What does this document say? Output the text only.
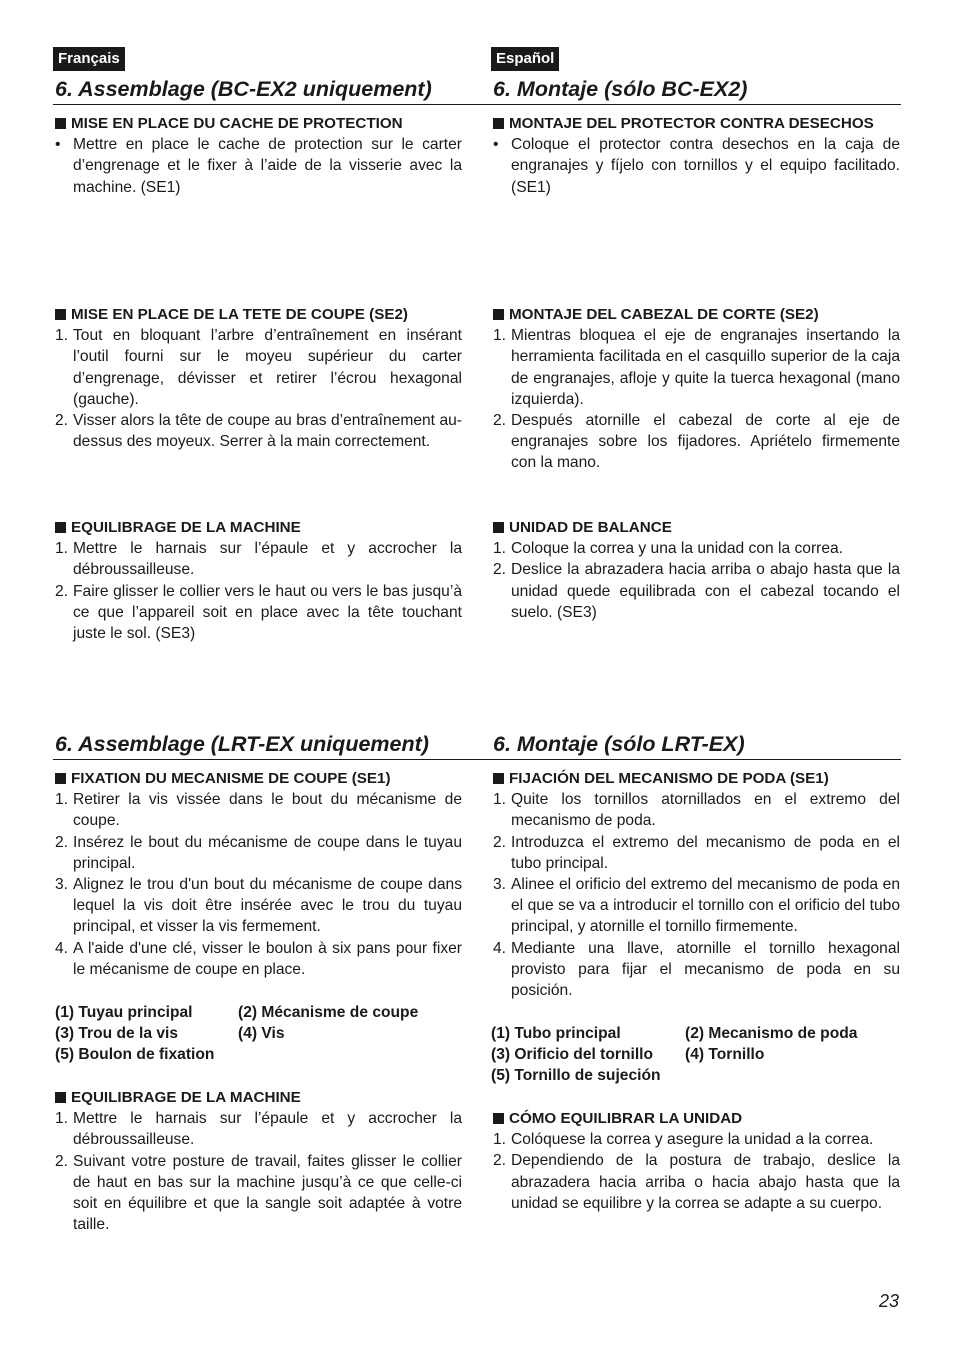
Français
6. Assemblage (BC-EX2 uniquement)
MISE EN PLACE DU CACHE DE PROTECTION
• Mettre en place le cache de protection sur le carter d’engrenage et le fixer à l’aide de la visserie avec la machine. (SE1)
MISE EN PLACE DE LA TETE DE COUPE (SE2)
1. Tout en bloquant l’arbre d’entraînement en insérant l’outil fourni sur le moyeu supérieur du carter d’engrenage, dévisser et retirer l’écrou hexagonal (gauche).
2. Visser alors la tête de coupe au bras d’entraînement au-dessus des moyeux. Serrer à la main correctement.
EQUILIBRAGE DE LA MACHINE
1. Mettre le harnais sur l’épaule et y accrocher la débroussailleuse.
2. Faire glisser le collier vers le haut ou vers le bas jusqu’à ce que l’appareil soit en place avec la tête touchant juste le sol. (SE3)
6. Assemblage (LRT-EX uniquement)
FIXATION DU MECANISME DE COUPE (SE1)
1. Retirer la vis vissée dans le bout du mécanisme de coupe.
2. Insérez le bout du mécanisme de coupe dans le tuyau principal.
3. Alignez le trou d'un bout du mécanisme de coupe dans lequel la vis doit être insérée avec le trou du tuyau principal, et visser la vis fermement.
4. A l'aide d'une clé, visser le boulon à six pans pour fixer le mécanisme de coupe en place.
(1) Tuyau principal	(2) Mécanisme de coupe
(3) Trou de la vis	(4) Vis
(5) Boulon de fixation
EQUILIBRAGE DE LA MACHINE
1. Mettre le harnais sur l’épaule et y accrocher la débroussailleuse.
2. Suivant votre posture de travail, faites glisser le collier de haut en bas sur la machine jusqu’à ce que celle-ci soit en équilibre et que la sangle soit adaptée à votre taille.
Español
6. Montaje (sólo BC-EX2)
MONTAJE DEL PROTECTOR CONTRA DESECHOS
• Coloque el protector contra desechos en la caja de engranajes y fíjelo con tornillos y el equipo facilitado. (SE1)
MONTAJE DEL CABEZAL DE CORTE (SE2)
1. Mientras bloquea el eje de engranajes insertando la herramienta facilitada en el casquillo superior de la caja de engranajes, afloje y quite la tuerca hexagonal (mano izquierda).
2. Después atornille el cabezal de corte al eje de engranajes sobre los fijadores. Apriételo firmemente con la mano.
UNIDAD DE BALANCE
1. Coloque la correa y una la unidad con la correa.
2. Deslice la abrazadera hacia arriba o abajo hasta que la unidad quede equilibrada con el cabezal tocando el suelo. (SE3)
6. Montaje (sólo LRT-EX)
FIJACIÓN DEL MECANISMO DE PODA (SE1)
1. Quite los tornillos atornillados en el extremo del mecanismo de poda.
2. Introduzca el extremo del mecanismo de poda en el tubo principal.
3. Alinee el orificio del extremo del mecanismo de poda en el que se va a introducir el tornillo con el orificio del tubo principal, y atornille el tornillo firmemente.
4. Mediante una llave, atornille el tornillo hexagonal provisto para fijar el mecanismo de poda en su posición.
(1) Tubo principal	(2) Mecanismo de poda
(3) Orificio del tornillo	(4) Tornillo
(5) Tornillo de sujeción
CÓMO EQUILIBRAR LA UNIDAD
1. Colóquese la correa y asegure la unidad a la correa.
2. Dependiendo de la postura de trabajo, deslice la abrazadera hacia arriba o hacia abajo hasta que la unidad se equilibre y la correa se adapte a su cuerpo.
23
